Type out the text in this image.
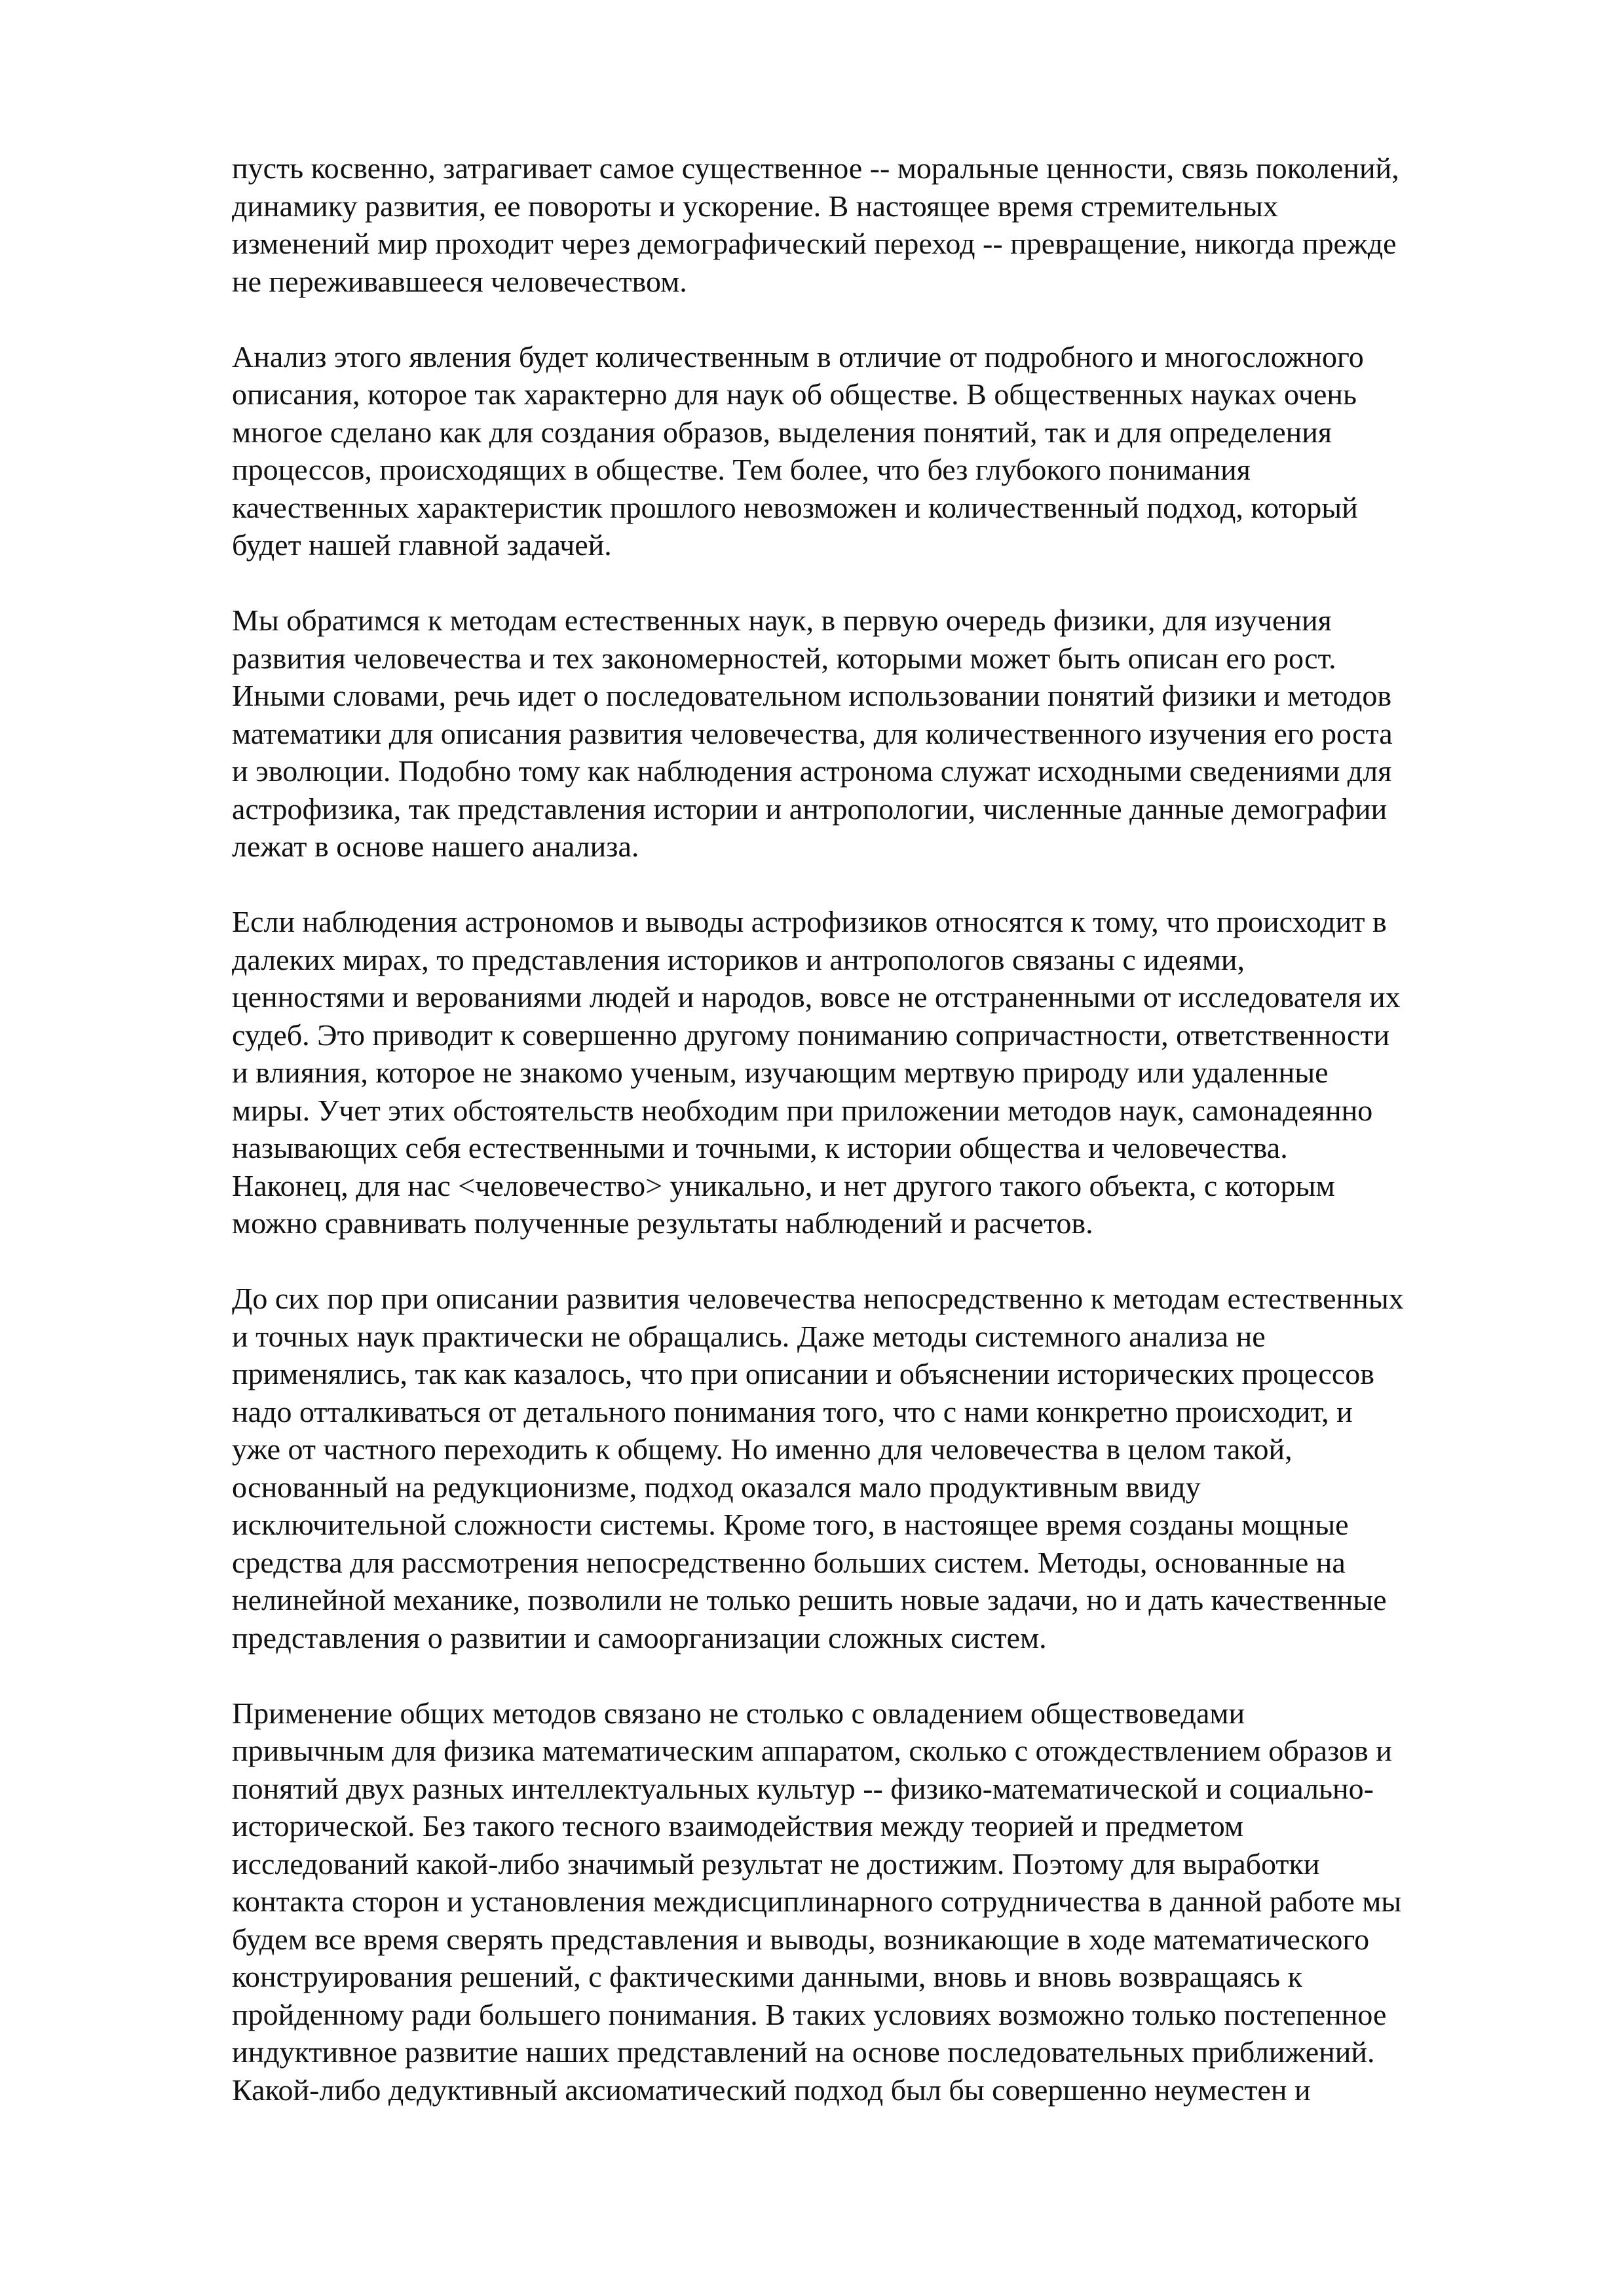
пусть косвенно, затрагивает самое существенное -- моральные ценности, связь поколений,
динамику развития, ее повороты и ускорение. В настоящее время стремительных
изменений мир проходит через демографический переход -- превращение, никогда прежде
не переживавшееся человечеством.

Анализ этого явления будет количественным в отличие от подробного и многосложного
описания, которое так характерно для наук об обществе. В общественных науках очень
многое сделано как для создания образов, выделения понятий, так и для определения
процессов, происходящих в обществе. Тем более, что без глубокого понимания
качественных характеристик прошлого невозможен и количественный подход, который
будет нашей главной задачей.

Мы обратимся к методам естественных наук, в первую очередь физики, для изучения
развития человечества и тех закономерностей, которыми может быть описан его рост.
Иными словами, речь идет о последовательном использовании понятий физики и методов
математики для описания развития человечества, для количественного изучения его роста
и эволюции. Подобно тому как наблюдения астронома служат исходными сведениями для
астрофизика, так представления истории и антропологии, численные данные демографии
лежат в основе нашего анализа.

Если наблюдения астрономов и выводы астрофизиков относятся к тому, что происходит в
далеких мирах, то представления историков и антропологов связаны с идеями,
ценностями и верованиями людей и народов, вовсе не отстраненными от исследователя их
судеб. Это приводит к совершенно другому пониманию сопричастности, ответственности
и влияния, которое не знакомо ученым, изучающим мертвую природу или удаленные
миры. Учет этих обстоятельств необходим при приложении методов наук, самонадеянно
называющих себя естественными и точными, к истории общества и человечества.
Наконец, для нас <человечество> уникально, и нет другого такого объекта, с которым
можно сравнивать полученные результаты наблюдений и расчетов.

До сих пор при описании развития человечества непосредственно к методам естественных
и точных наук практически не обращались. Даже методы системного анализа не
применялись, так как казалось, что при описании и объяснении исторических процессов
надо отталкиваться от детального понимания того, что с нами конкретно происходит, и
уже от частного переходить к общему. Но именно для человечества в целом такой,
основанный на редукционизме, подход оказался мало продуктивным ввиду
исключительной сложности системы. Кроме того, в настоящее время созданы мощные
средства для рассмотрения непосредственно больших систем. Методы, основанные на
нелинейной механике, позволили не только решить новые задачи, но и дать качественные
представления о развитии и самоорганизации сложных систем.

Применение общих методов связано не столько с овладением обществоведами
привычным для физика математическим аппаратом, сколько с отождествлением образов и
понятий двух разных интеллектуальных культур -- физико-математической и социально-
исторической. Без такого тесного взаимодействия между теорией и предметом
исследований какой-либо значимый результат не достижим. Поэтому для выработки
контакта сторон и установления междисциплинарного сотрудничества в данной работе мы
будем все время сверять представления и выводы, возникающие в ходе математического
конструирования решений, с фактическими данными, вновь и вновь возвращаясь к
пройденному ради большего понимания. В таких условиях возможно только постепенное
индуктивное развитие наших представлений на основе последовательных приближений.
Какой-либо дедуктивный аксиоматический подход был бы совершенно неуместен и
